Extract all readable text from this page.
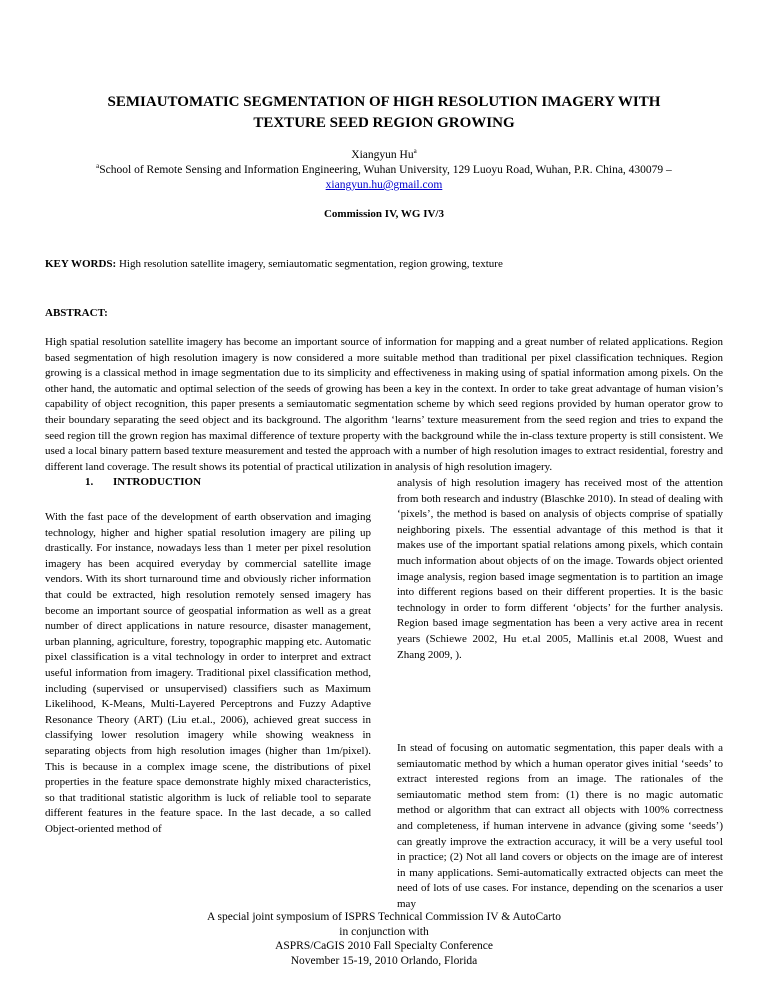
SEMIAUTOMATIC SEGMENTATION OF HIGH RESOLUTION IMAGERY WITH TEXTURE SEED REGION GROWING
Xiangyun Hu$^a$
$^a$School of Remote Sensing and Information Engineering, Wuhan University, 129 Luoyu Road, Wuhan, P.R. China, 430079 –
xiangyun.hu@gmail.com
Commission IV, WG IV/3
KEY WORDS: High resolution satellite imagery, semiautomatic segmentation, region growing, texture
ABSTRACT:
High spatial resolution satellite imagery has become an important source of information for mapping and a great number of related applications. Region based segmentation of high resolution imagery is now considered a more suitable method than traditional per pixel classification techniques. Region growing is a classical method in image segmentation due to its simplicity and effectiveness in making using of spatial information among pixels. On the other hand, the automatic and optimal selection of the seeds of growing has been a key in the context. In order to take great advantage of human vision’s capability of object recognition, this paper presents a semiautomatic segmentation scheme by which seed regions provided by human operator grow to their boundary separating the seed object and its background. The algorithm ‘learns’ texture measurement from the seed region and tries to expand the seed region till the grown region has maximal difference of texture property with the background while the in-class texture property is still consistent. We used a local binary pattern based texture measurement and tested the approach with a number of high resolution images to extract residential, forestry and different land coverage. The result shows its potential of practical utilization in analysis of high resolution imagery.
1. INTRODUCTION
With the fast pace of the development of earth observation and imaging technology, higher and higher spatial resolution imagery are piling up drastically. For instance, nowadays less than 1 meter per pixel resolution imagery has been acquired everyday by commercial satellite image vendors. With its short turnaround time and obviously richer information that could be extracted, high resolution remotely sensed imagery has become an important source of geospatial information as well as a great number of direct applications in nature resource, disaster management, urban planning, agriculture, forestry, topographic mapping etc. Automatic pixel classification is a vital technology in order to interpret and extract useful information from imagery. Traditional pixel classification method, including (supervised or unsupervised) classifiers such as Maximum Likelihood, K-Means, Multi-Layered Perceptrons and Fuzzy Adaptive Resonance Theory (ART) (Liu et.al., 2006), achieved great success in classifying lower resolution imagery while showing weakness in separating objects from high resolution images (higher than 1m/pixel). This is because in a complex image scene, the distributions of pixel properties in the feature space demonstrate highly mixed characteristics, so that traditional statistic algorithm is luck of reliable tool to separate different features in the feature space. In the last decade, a so called Object-oriented method of
analysis of high resolution imagery has received most of the attention from both research and industry (Blaschke 2010). In stead of dealing with ‘pixels’, the method is based on analysis of objects comprise of spatially neighboring pixels. The essential advantage of this method is that it makes use of the important spatial relations among pixels, which contain much information about objects of on the image. Towards object oriented image analysis, region based image segmentation is to partition an image into different regions based on their different properties. It is the basic technology in order to form different ‘objects’ for the further analysis. Region based image segmentation has been a very active area in recent years (Schiewe 2002, Hu et.al 2005, Mallinis et.al 2008, Wuest and Zhang 2009, ).
In stead of focusing on automatic segmentation, this paper deals with a semiautomatic method by which a human operator gives initial ‘seeds’ to extract interested regions from an image. The rationales of the semiautomatic method stem from: (1) there is no magic automatic method or algorithm that can extract all objects with 100% correctness and completeness, if human intervene in advance (giving some ‘seeds’) can greatly improve the extraction accuracy, it will be a very useful tool in practice; (2) Not all land covers or objects on the image are of interest in many applications. Semi-automatically extracted objects can meet the need of lots of use cases. For instance, depending on the scenarios a user may
A special joint symposium of ISPRS Technical Commission IV & AutoCarto
in conjunction with
ASPRS/CaGIS 2010 Fall Specialty Conference
November 15-19, 2010 Orlando, Florida
